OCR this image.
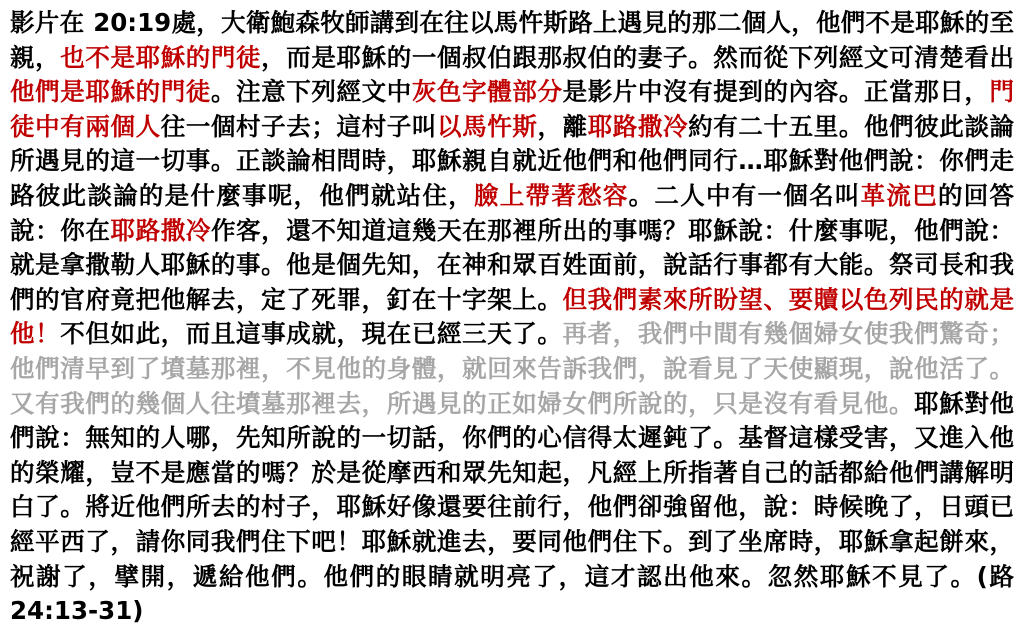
影片在 20:19處，大衛鮑森牧師講到在往以馬忤斯路上遇見的那二個人，他們不是耶穌的至親，也不是耶穌的門徒，而是耶穌的一個叔伯跟那叔伯的妻子。然而從下列經文可清楚看出他們是耶穌的門徒。注意下列經文中灰色字體部分是影片中沒有提到的內容。正當那日，門徒中有兩個人往一個村子去；這村子叫以馬忤斯，離耶路撒冷約有二十五里。他們彼此談論所遇見的這一切事。正談論相問時，耶穌親自就近他們和他們同行…耶穌對他們說：你們走路彼此談論的是什麼事呢，他們就站住，臉上帶著愁容。二人中有一個名叫革流巴的回答說：你在耶路撒冷作客，還不知道這幾天在那裡所出的事嗎？耶穌說：什麼事呢，他們說：就是拿撒勒人耶穌的事。他是個先知，在神和眾百姓面前，說話行事都有大能。祭司長和我們的官府竟把他解去，定了死罪，釘在十字架上。但我們素來所盼望、要贖以色列民的就是他！不但如此，而且這事成就，現在已經三天了。再者，我們中間有幾個婦女使我們驚奇；他們清早到了墳墓那裡，不見他的身體，就回來告訴我們，說看見了天使顯現，說他活了。又有我們的幾個人往墳墓那裡去，所遇見的正如婦女們所說的，只是沒有看見他。耶穌對他們說：無知的人哪，先知所說的一切話，你們的心信得太遲鈍了。基督這樣受害，又進入他的榮耀，豈不是應當的嗎？於是從摩西和眾先知起，凡經上所指著自己的話都給他們講解明白了。將近他們所去的村子，耶穌好像還要往前行，他們卻強留他，說：時候晚了，日頭已經平西了，請你同我們住下吧！耶穌就進去，要同他們住下。到了坐席時，耶穌拿起餅來，祝謝了，擘開，遞給他們。他們的眼睛就明亮了，這才認出他來。忽然耶穌不見了。(路24:13-31)
